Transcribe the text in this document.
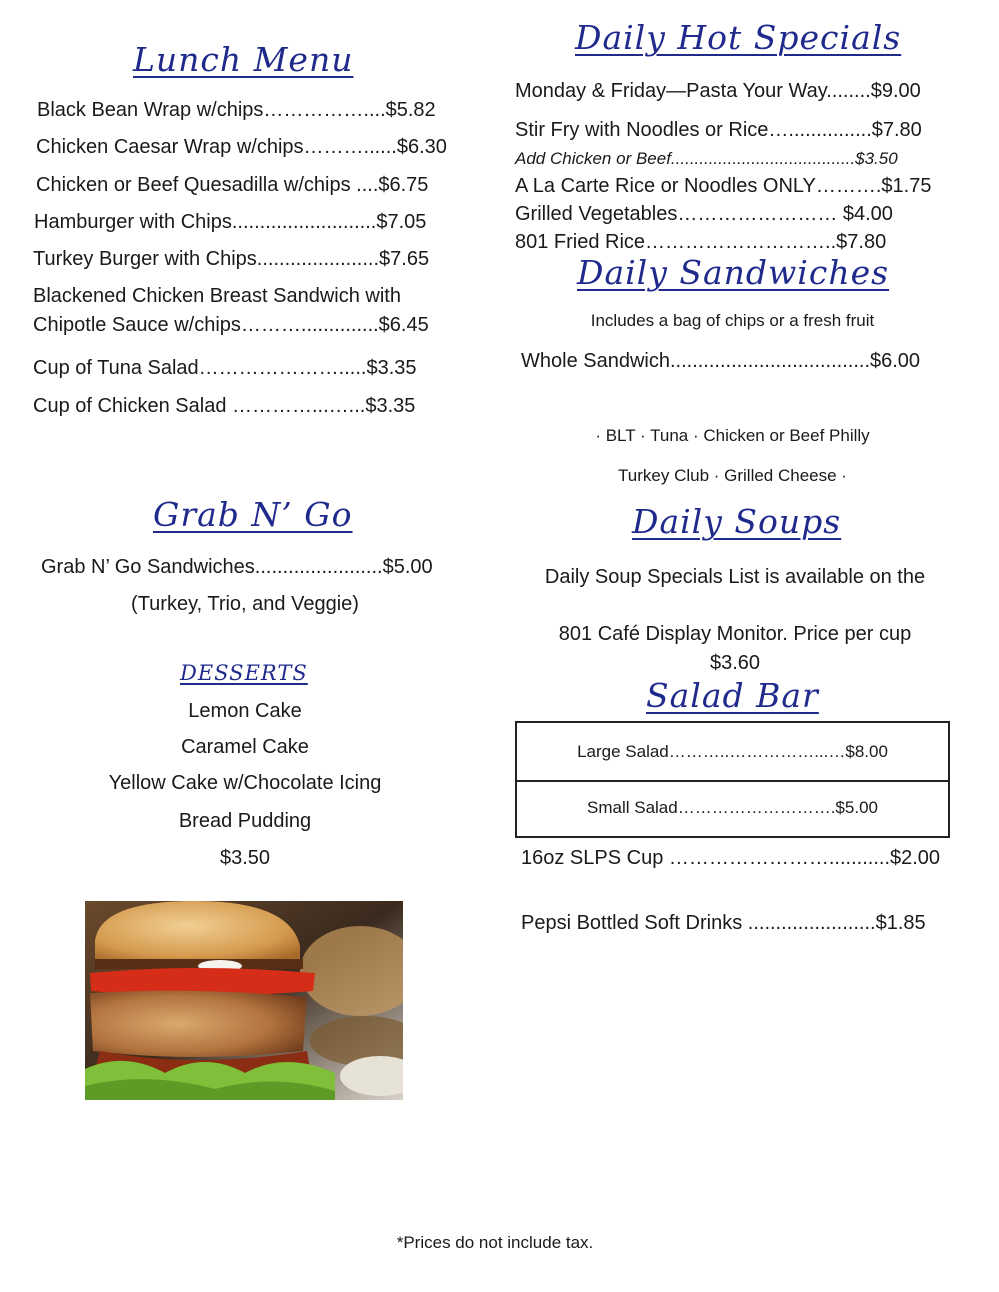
Lunch Menu
Black Bean Wrap w/chips……………....$5.82
Chicken Caesar Wrap w/chips………......$6.30
Chicken or Beef Quesadilla w/chips ....$6.75
Hamburger with Chips..........................$7.05
Turkey Burger with Chips......................$7.65
Blackened Chicken Breast Sandwich with
Chipotle Sauce w/chips………..............$6.45
Cup of Tuna Salad………………….....$3.35
Cup of Chicken Salad …………...…...$3.35
Grab N’ Go
Grab N’ Go Sandwiches.......................$5.00
(Turkey, Trio, and Veggie)
DESSERTS
Lemon Cake
Caramel Cake
Yellow Cake w/Chocolate Icing
Bread Pudding
$3.50
Daily Hot Specials
Monday & Friday—Pasta Your Way........$9.00
Stir Fry with Noodles or Rice…...............$7.80
Add Chicken or Beef.......................................$3.50
A La Carte Rice or Noodles ONLY……….$1.75
Grilled Vegetables…………………… $4.00
801 Fried Rice………………………..$7.80
Daily Sandwiches
Includes a bag of chips or a fresh fruit
Whole Sandwich....................................$6.00
· BLT · Tuna · Chicken or Beef Philly
Turkey Club · Grilled Cheese ·
Daily Soups
Daily Soup Specials List is available on the
801 Café Display Monitor. Price per cup
$3.60
Salad Bar
Large Salad………..……………...…$8.00
Small Salad……………………….$5.00
16oz SLPS Cup ……………………...........$2.00
Pepsi Bottled Soft Drinks .......................$1.85
*Prices do not include tax.
